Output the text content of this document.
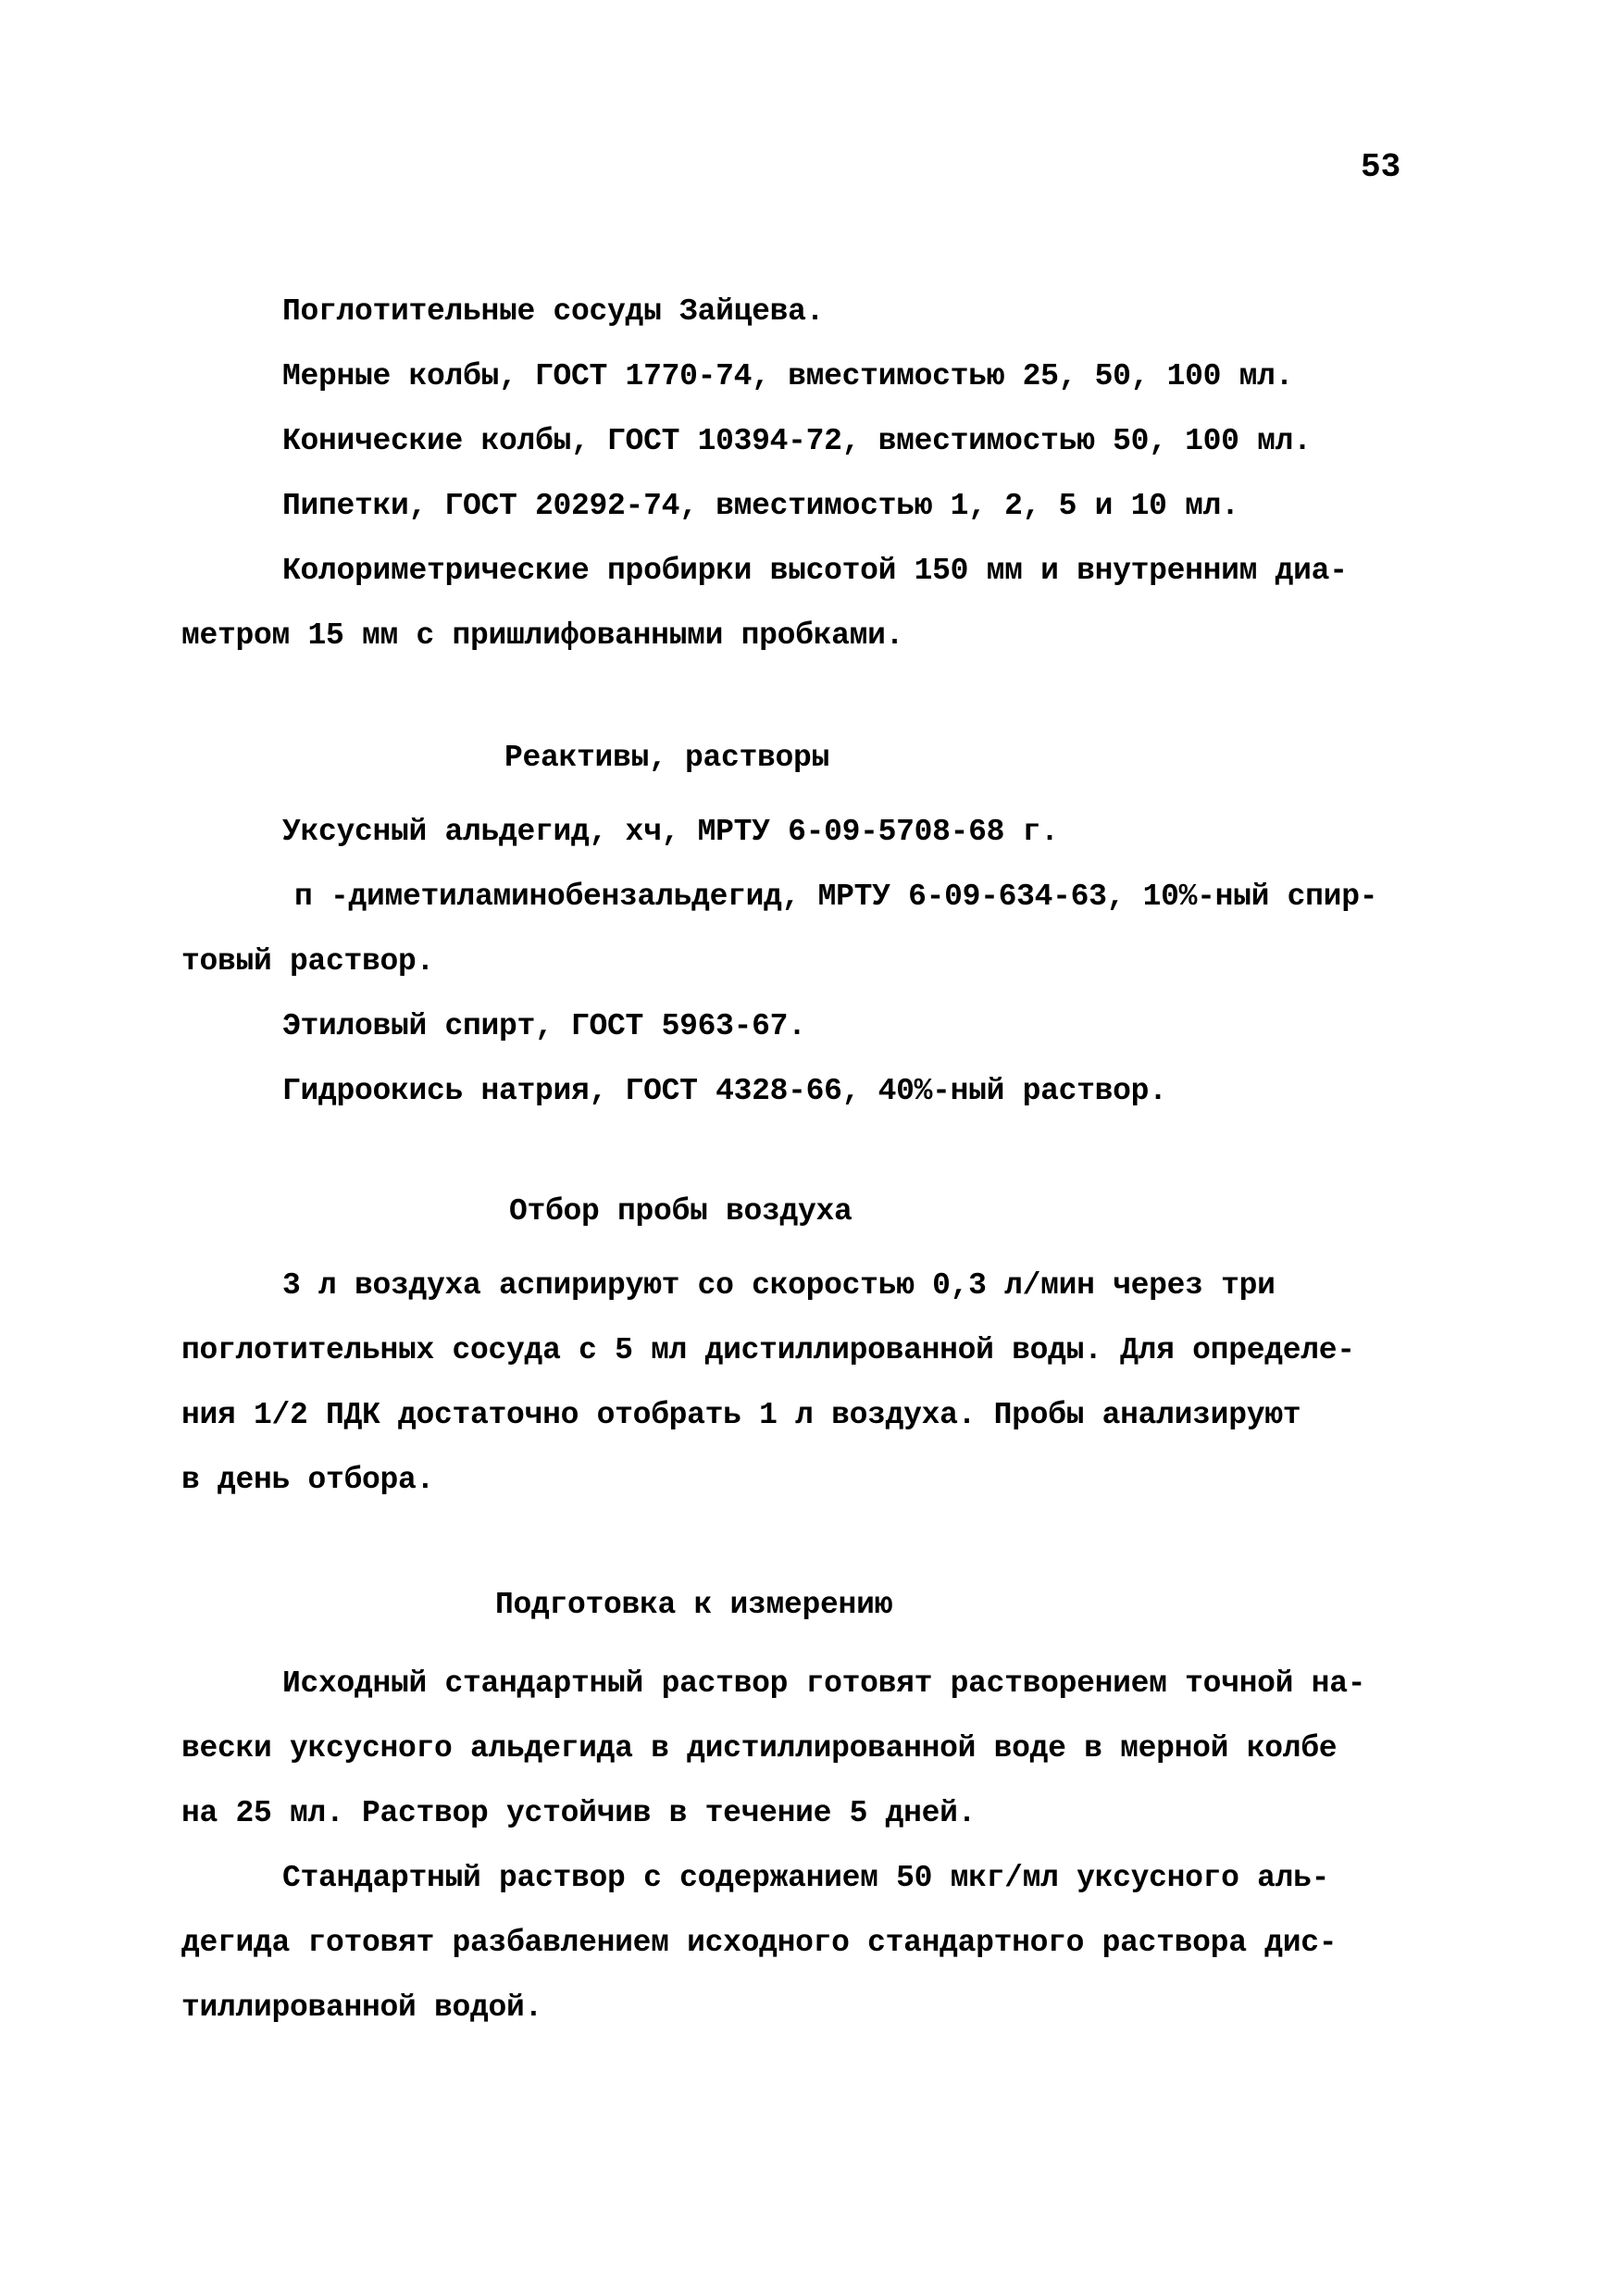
53
Поглотительные сосуды Зайцева.
Мерные колбы, ГОСТ 1770-74, вместимостью 25, 50, 100 мл.
Конические колбы, ГОСТ 10394-72, вместимостью 50, 100 мл.
Пипетки, ГОСТ 20292-74, вместимостью 1, 2, 5 и 10 мл.
Колориметрические пробирки высотой 150 мм и внутренним диа-
метром 15 мм с пришлифованными пробками.
Реактивы, растворы
Уксусный альдегид, хч, МРТУ 6-09-5708-68 г.
п -диметиламинобензальдегид, МРТУ 6-09-634-63, 10%-ный спир-
товый раствор.
Этиловый спирт, ГОСТ 5963-67.
Гидроокись натрия, ГОСТ 4328-66, 40%-ный раствор.
Отбор пробы воздуха
3 л воздуха аспирируют со скоростью 0,3 л/мин через три
поглотительных сосуда с 5 мл дистиллированной воды. Для определе-
ния 1/2 ПДК достаточно отобрать 1 л воздуха. Пробы анализируют
в день отбора.
Подготовка к измерению
Исходный стандартный раствор готовят растворением точной на-
вески уксусного альдегида в дистиллированной воде в мерной колбе
на 25 мл. Раствор устойчив в течение 5 дней.
Стандартный раствор с содержанием 50 мкг/мл уксусного аль-
дегида готовят разбавлением исходного стандартного раствора дис-
тиллированной водой.
